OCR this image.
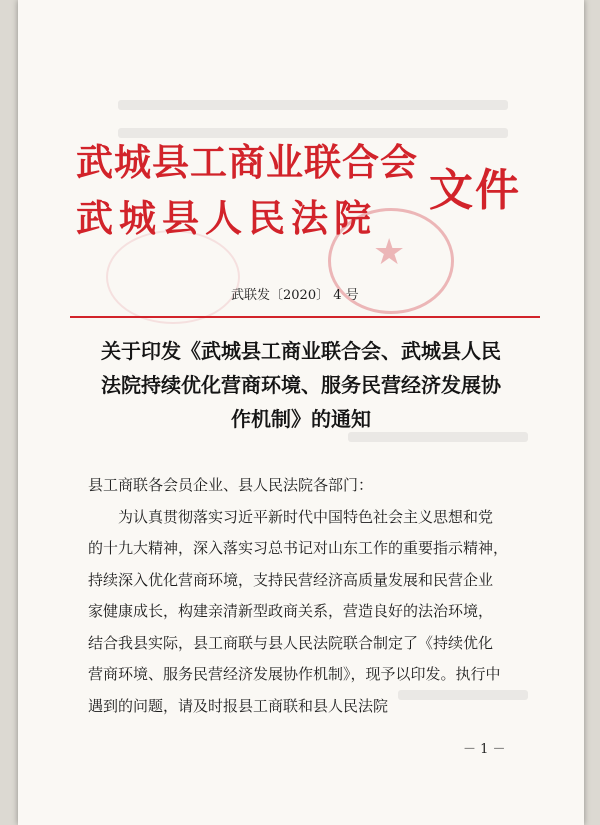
★
武城县工商业联合会
武城县人民法院
文件
武联发〔2020〕 4 号
关于印发《武城县工商业联合会、武城县人民
法院持续优化营商环境、服务民营经济发展协
作机制》的通知
县工商联各会员企业、县人民法院各部门：
为认真贯彻落实习近平新时代中国特色社会主义思想和党
的十九大精神，深入落实习总书记对山东工作的重要指示精神，
持续深入优化营商环境，支持民营经济高质量发展和民营企业
家健康成长，构建亲清新型政商关系，营造良好的法治环境，
结合我县实际，县工商联与县人民法院联合制定了《持续优化
营商环境、服务民营经济发展协作机制》，现予以印发。执行中
遇到的问题，请及时报县工商联和县人民法院
－ 1 －
